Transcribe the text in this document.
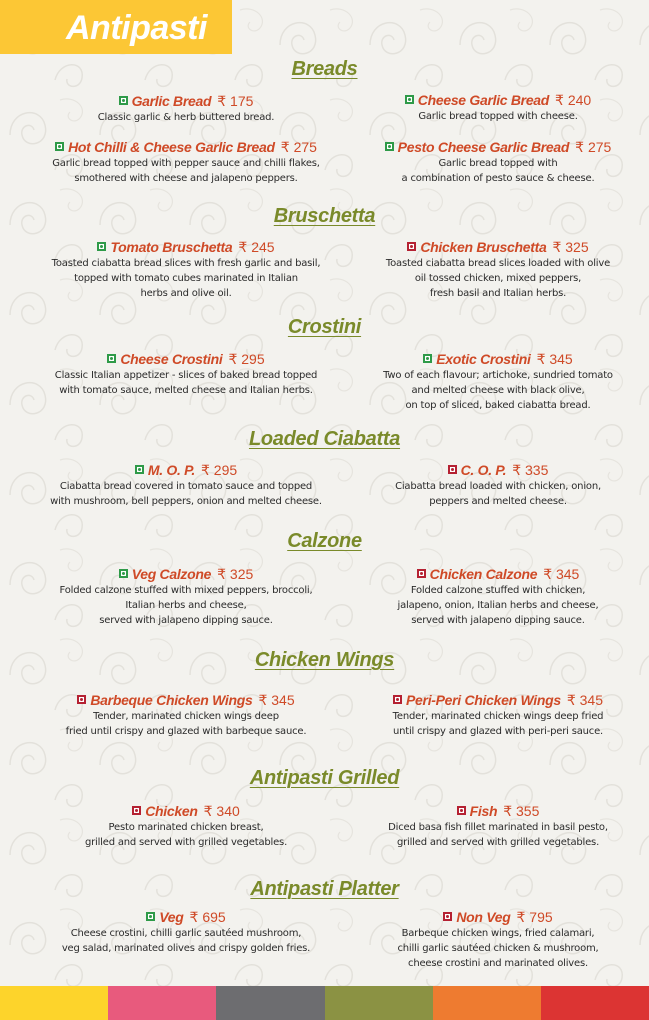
Antipasti
Breads
Garlic Bread ₹ 175
Classic garlic & herb buttered bread.
Cheese Garlic Bread ₹ 240
Garlic bread topped with cheese.
Hot Chilli & Cheese Garlic Bread ₹ 275
Garlic bread topped with pepper sauce and chilli flakes,
smothered with cheese and jalapeno peppers.
Pesto Cheese Garlic Bread ₹ 275
Garlic bread topped with
a combination of pesto sauce & cheese.
Bruschetta
Tomato Bruschetta ₹ 245
Toasted ciabatta bread slices with fresh garlic and basil,
topped with tomato cubes marinated in Italian
herbs and olive oil.
Chicken Bruschetta ₹ 325
Toasted ciabatta bread slices loaded with olive
oil tossed chicken, mixed peppers,
fresh basil and Italian herbs.
Crostini
Cheese Crostini ₹ 295
Classic Italian appetizer - slices of baked bread topped
with tomato sauce, melted cheese and Italian herbs.
Exotic Crostini ₹ 345
Two of each flavour; artichoke, sundried tomato
and melted cheese with black olive,
on top of sliced, baked ciabatta bread.
Loaded Ciabatta
M. O. P. ₹ 295
Ciabatta bread covered in tomato sauce and topped
with mushroom, bell peppers, onion and melted cheese.
C. O. P. ₹ 335
Ciabatta bread loaded with chicken, onion,
peppers and melted cheese.
Calzone
Veg Calzone ₹ 325
Folded calzone stuffed with mixed peppers, broccoli,
Italian herbs and cheese,
served with jalapeno dipping sauce.
Chicken Calzone ₹ 345
Folded calzone stuffed with chicken,
jalapeno, onion, Italian herbs and cheese,
served with jalapeno dipping sauce.
Chicken Wings
Barbeque Chicken Wings ₹ 345
Tender, marinated chicken wings deep
fried until crispy and glazed with barbeque sauce.
Peri-Peri Chicken Wings ₹ 345
Tender, marinated chicken wings deep fried
until crispy and glazed with peri-peri sauce.
Antipasti Grilled
Chicken ₹ 340
Pesto marinated chicken breast,
grilled and served with grilled vegetables.
Fish ₹ 355
Diced basa fish fillet marinated in basil pesto,
grilled and served with grilled vegetables.
Antipasti Platter
Veg ₹ 695
Cheese crostini, chilli garlic sautéed mushroom,
veg salad, marinated olives and crispy golden fries.
Non Veg ₹ 795
Barbeque chicken wings, fried calamari,
chilli garlic sautéed chicken & mushroom,
cheese crostini and marinated olives.
